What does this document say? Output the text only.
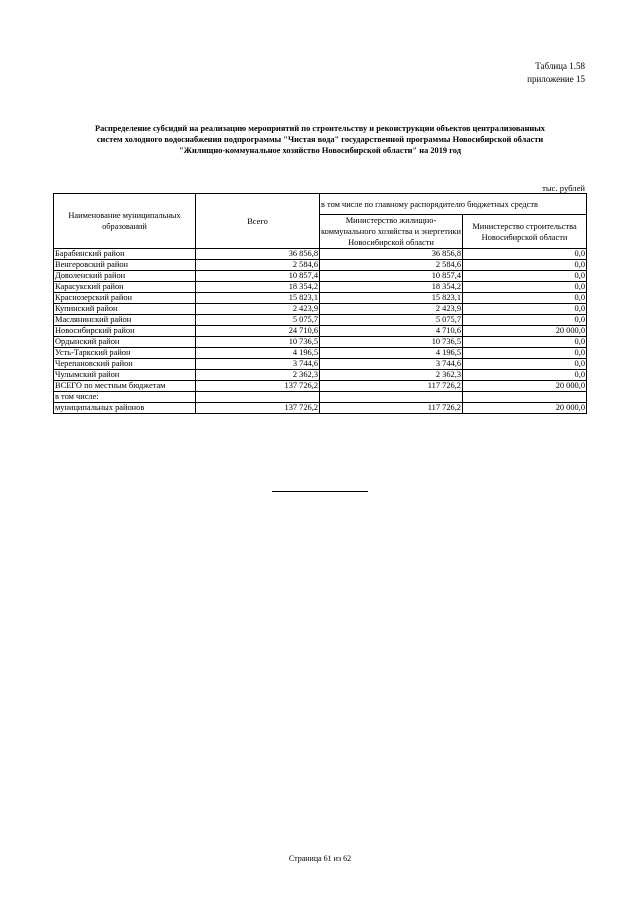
Таблица 1.58
приложение 15
Распределение субсидий на реализацию мероприятий по строительству и реконструкции объектов централизованных
систем холодного водоснабжения подпрограммы "Чистая вода" государственной программы Новосибирской области
"Жилищно-коммунальное хозяйство Новосибирской области" на 2019 год
тыс. рублей
Наименование муниципальных образований	Всего	в том числе по главному распорядителю бюджетных средств	
		Министерство жилищно-коммунального хозяйства и энергетики Новосибирской области	Министерство строительства Новосибирской области
Барабинский район	36 856,8	36 856,8	0,0
Венгеровский район	2 584,6	2 584,6	0,0
Доволенский район	10 857,4	10 857,4	0,0
Карасукский район	18 354,2	18 354,2	0,0
Краснозерский район	15 823,1	15 823,1	0,0
Купинский район	2 423,9	2 423,9	0,0
Маслянинский район	5 075,7	5 075,7	0,0
Новосибирский район	24 710,6	4 710,6	20 000,0
Ордынский район	10 736,5	10 736,5	0,0
Усть-Таркский район	4 196,5	4 196,5	0,0
Черепановский район	3 744,6	3 744,6	0,0
Чулымский район	2 362,3	2 362,3	0,0
ВСЕГО по местным бюджетам	137 726,2	117 726,2	20 000,0
в том числе:			
муниципальных районов	137 726,2	117 726,2	20 000,0
Страница 61 из 62
